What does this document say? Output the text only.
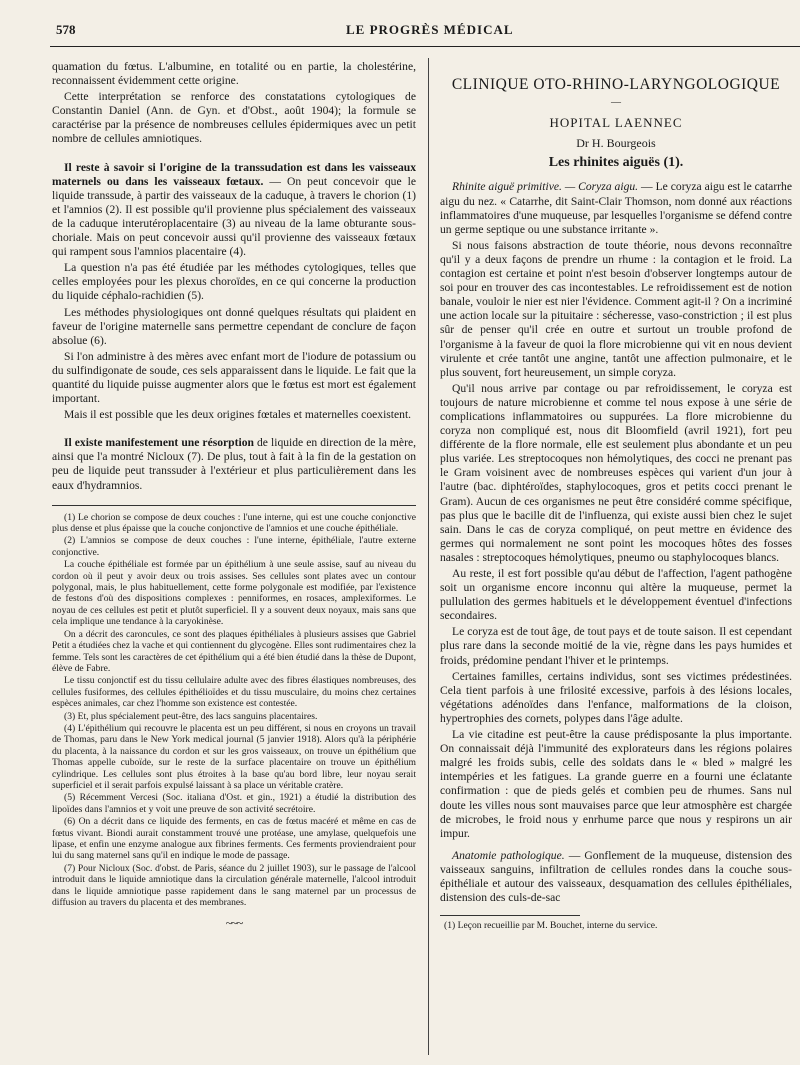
578	LE PROGRÈS MÉDICAL

quamation du fœtus. L'albumine, en totalité ou en partie, la cholestérine, reconnaissent évidemment cette origine.

Cette interprétation se renforce des constatations cytologiques de Constantin Daniel (Ann. de Gyn. et d'Obst., août 1904); la formule se caractérise par la présence de nombreuses cellules épidermiques avec un petit nombre de cellules amniotiques.

Il reste à savoir si l'origine de la transsudation est dans les vaisseaux maternels ou dans les vaisseaux fœtaux. — On peut concevoir que le liquide transsude, à partir des vaisseaux de la caduque, à travers le chorion (1) et l'amnios (2). Il est possible qu'il provienne plus spécialement des vaisseaux de la caduque interutéroplacentaire (3) au niveau de la lame obturante sous-choriale. Mais on peut concevoir aussi qu'il provienne des vaisseaux fœtaux qui rampent sous l'amnios placentaire (4).

La question n'a pas été étudiée par les méthodes cytologiques, telles que celles employées pour les plexus choroïdes, en ce qui concerne la production du liquide céphalo-rachidien (5).

Les méthodes physiologiques ont donné quelques résultats qui plaident en faveur de l'origine maternelle sans permettre cependant de conclure de façon absolue (6).

Si l'on administre à des mères avec enfant mort de l'iodure de potassium ou du sulfindigonate de soude, ces sels apparaissent dans le liquide. Le fait que la quantité du liquide puisse augmenter alors que le fœtus est mort est également important.

Mais il est possible que les deux origines fœtales et maternelles coexistent.

Il existe manifestement une résorption de liquide en direction de la mère, ainsi que l'a montré Nicloux (7). De plus, tout à fait à la fin de la gestation on peu de liquide peut transsuder à l'extérieur et plus particulièrement dans les eaux d'hydramnios.

(1) Le chorion se compose de deux couches : l'une interne, qui est une couche conjonctive plus dense et plus épaisse que la couche conjonctive de l'amnios et une couche épithéliale.

(2) L'amnios se compose de deux couches : l'une interne, épithéliale, l'autre externe conjonctive.

La couche épithéliale est formée par un épithélium à une seule assise, sauf au niveau du cordon où il peut y avoir deux ou trois assises. Ses cellules sont plates avec un contour polygonal, mais, le plus habituellement, cette forme polygonale est modifiée, par l'existence de festons d'où des dispositions complexes : penniformes, en rosaces, amplexiformes. Le noyau de ces cellules est petit et plutôt superficiel. Il y a souvent deux noyaux, mais sans que cela implique une tendance à la caryokinèse.

On a décrit des caroncules, ce sont des plaques épithéliales à plusieurs assises que Gabriel Petit a étudiées chez la vache et qui contiennent du glycogène. Elles sont rudimentaires chez la femme. Tels sont les caractères de cet épithélium qui a été bien étudié dans la thèse de Dupont, élève de Fabre.

Le tissu conjonctif est du tissu cellulaire adulte avec des fibres élastiques nombreuses, des cellules fusiformes, des cellules épithélioïdes et du tissu musculaire, du moins chez certaines espèces animales, car chez l'homme son existence est contestée.

(3) Et, plus spécialement peut-être, des lacs sanguins placentaires.

(4) L'épithélium qui recouvre le placenta est un peu différent, si nous en croyons un travail de Thomas, paru dans le New York medical journal (5 janvier 1918). Alors qu'à la périphérie du placenta, à la naissance du cordon et sur les gros vaisseaux, on trouve un épithélium que Thomas appelle cuboïde, sur le reste de la surface placentaire on trouve un épithélium cylindrique. Les cellules sont plus étroites à la base qu'au bord libre, leur noyau serait superficiel et il serait parfois expulsé laissant à sa place un véritable cratère.

(5) Récemment Vercesi (Soc. italiana d'Ost. et gin., 1921) a étudié la distribution des lipoïdes dans l'amnios et y voit une preuve de son activité secrétoire.

(6) On a décrit dans ce liquide des ferments, en cas de fœtus macéré et même en cas de fœtus vivant. Biondi aurait constamment trouvé une protéase, une amylase, quelquefois une lipase, et enfin une enzyme analogue aux fibrines ferments. Ces ferments proviendraient pour lui du sang maternel sans qu'il en indique le mode de passage.

(7) Pour Nicloux (Soc. d'obst. de Paris, séance du 2 juillet 1903), sur le passage de l'alcool introduit dans le liquide amniotique dans la circulation générale maternelle, l'alcool introduit dans le liquide amniotique passe rapidement dans le sang maternel par un processus de diffusion au travers du placenta et des membranes.

~~~
CLINIQUE OTO-RHINO-LARYNGOLOGIQUE
—
HOPITAL LAENNEC
Dr H. Bourgeois
Les rhinites aiguës (1).

Rhinite aiguë primitive. — Coryza aigu. — Le coryza aigu est le catarrhe aigu du nez. « Catarrhe, dit Saint-Clair Thomson, nom donné aux réactions inflammatoires d'une muqueuse, par lesquelles l'organisme se défend contre un germe septique ou une substance irritante ».

Si nous faisons abstraction de toute théorie, nous devons reconnaître qu'il y a deux façons de prendre un rhume : la contagion et le froid. La contagion est certaine et point n'est besoin d'observer longtemps autour de soi pour en trouver des cas incontestables. Le refroidissement est de notion banale, vouloir le nier est nier l'évidence. Comment agit-il ? On a incriminé une action locale sur la pituitaire : sécheresse, vaso-constriction ; il est plus sûr de penser qu'il crée en outre et surtout un trouble profond de l'organisme à la faveur de quoi la flore microbienne qui vit en nous devient virulente et crée tantôt une angine, tantôt une affection pulmonaire, et le plus souvent, fort heureusement, un simple coryza.

Qu'il nous arrive par contage ou par refroidissement, le coryza est toujours de nature microbienne et comme tel nous expose à une série de complications inflammatoires ou suppurées. La flore microbienne du coryza non compliqué est, nous dit Bloomfield (avril 1921), fort peu différente de la flore normale, elle est seulement plus abondante et un peu plus variée. Les streptocoques non hémolytiques, des cocci ne prenant pas le Gram voisinent avec de nombreuses espèces qui varient d'un jour à l'autre (bac. diphtéroïdes, staphylocoques, gros et petits cocci prenant le Gram). Aucun de ces organismes ne peut être considéré comme spécifique, pas plus que le bacille dit de l'influenza, qui existe aussi bien chez le sujet sain. Dans le cas de coryza compliqué, on peut mettre en évidence des germes qui normalement ne sont point les mocoques hôtes des fosses nasales : streptocoques hémolytiques, pneumo ou staphylocoques blancs.

Au reste, il est fort possible qu'au début de l'affection, l'agent pathogène soit un organisme encore inconnu qui altère la muqueuse, permet la pullulation des germes habituels et le développement éventuel d'infections secondaires.

Le coryza est de tout âge, de tout pays et de toute saison. Il est cependant plus rare dans la seconde moitié de la vie, règne dans les pays humides et froids, prédomine pendant l'hiver et le printemps.

Certaines familles, certains individus, sont ses victimes prédestinées. Cela tient parfois à une frilosité excessive, parfois à des lésions locales, végétations adénoïdes dans l'enfance, malformations de la cloison, hypertrophies des cornets, polypes dans l'âge adulte.

La vie citadine est peut-être la cause prédisposante la plus importante. On connaissait déjà l'immunité des explorateurs dans les régions polaires malgré les froids subis, celle des soldats dans le « bled » malgré les intempéries et les fatigues. La grande guerre en a fourni une éclatante confirmation : que de pieds gelés et combien peu de rhumes. Sans nul doute les villes nous sont mauvaises parce que leur atmosphère est chargée de microbes, le froid nous y enrhume parce que nous y respirons un air impur.

Anatomie pathologique. — Gonflement de la muqueuse, distension des vaisseaux sanguins, infiltration de cellules rondes dans la couche sous-épithéliale et autour des vaisseaux, desquamation des cellules épithéliales, distension des culs-de-sac

(1) Leçon recueillie par M. Bouchet, interne du service.
